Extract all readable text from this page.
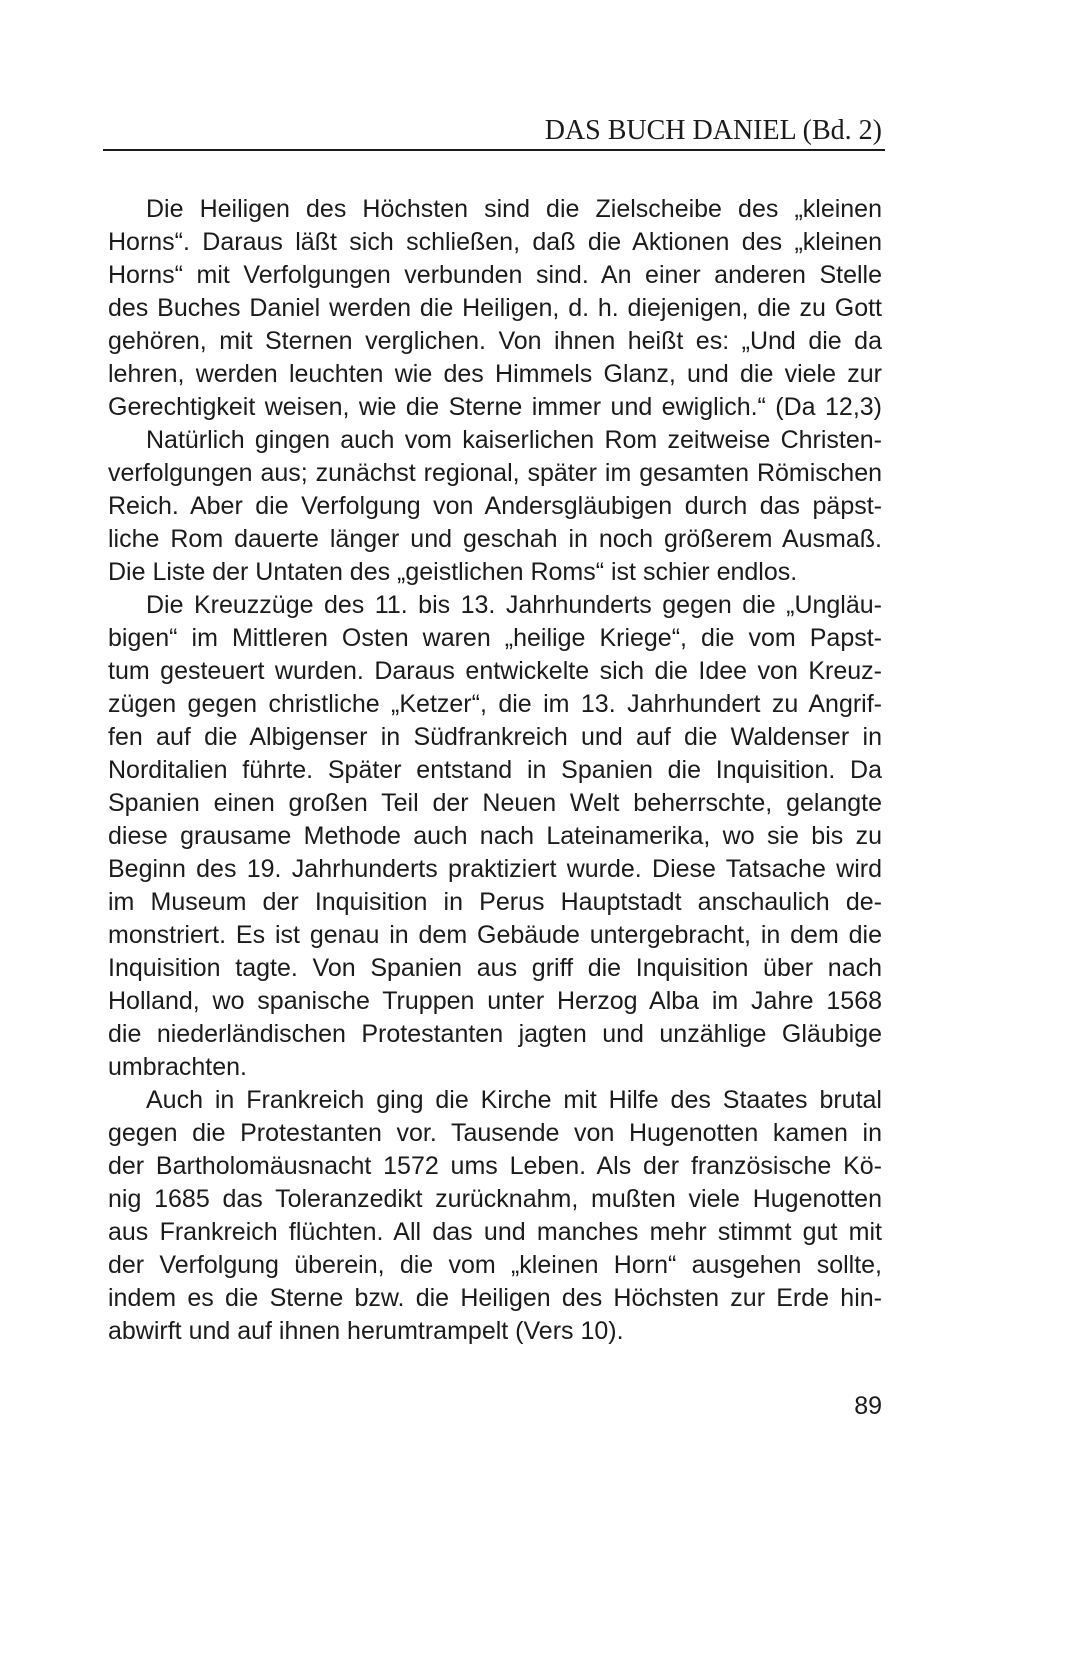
DAS BUCH DANIEL (Bd. 2)
Die Heiligen des Höchsten sind die Zielscheibe des „kleinen
Horns“. Daraus läßt sich schließen, daß die Aktionen des „kleinen
Horns“ mit Verfolgungen verbunden sind. An einer anderen Stelle
des Buches Daniel werden die Heiligen, d. h. diejenigen, die zu Gott
gehören, mit Sternen verglichen. Von ihnen heißt es: „Und die da
lehren, werden leuchten wie des Himmels Glanz, und die viele zur
Gerechtigkeit weisen, wie die Sterne immer und ewiglich.“ (Da 12,3)
Natürlich gingen auch vom kaiserlichen Rom zeitweise Christen-
verfolgungen aus; zunächst regional, später im gesamten Römischen
Reich. Aber die Verfolgung von Andersgläubigen durch das päpst-
liche Rom dauerte länger und geschah in noch größerem Ausmaß.
Die Liste der Untaten des „geistlichen Roms“ ist schier endlos.
Die Kreuzzüge des 11. bis 13. Jahrhunderts gegen die „Ungläu-
bigen“ im Mittleren Osten waren „heilige Kriege“, die vom Papst-
tum gesteuert wurden. Daraus entwickelte sich die Idee von Kreuz-
zügen gegen christliche „Ketzer“, die im 13. Jahrhundert zu Angrif-
fen auf die Albigenser in Südfrankreich und auf die Waldenser in
Norditalien führte. Später entstand in Spanien die Inquisition. Da
Spanien einen großen Teil der Neuen Welt beherrschte, gelangte
diese grausame Methode auch nach Lateinamerika, wo sie bis zu
Beginn des 19. Jahrhunderts praktiziert wurde. Diese Tatsache wird
im Museum der Inquisition in Perus Hauptstadt anschaulich de-
monstriert. Es ist genau in dem Gebäude untergebracht, in dem die
Inquisition tagte. Von Spanien aus griff die Inquisition über nach
Holland, wo spanische Truppen unter Herzog Alba im Jahre 1568
die niederländischen Protestanten jagten und unzählige Gläubige
umbrachten.
Auch in Frankreich ging die Kirche mit Hilfe des Staates brutal
gegen die Protestanten vor. Tausende von Hugenotten kamen in
der Bartholomäusnacht 1572 ums Leben. Als der französische Kö-
nig 1685 das Toleranzedikt zurücknahm, mußten viele Hugenotten
aus Frankreich flüchten. All das und manches mehr stimmt gut mit
der Verfolgung überein, die vom „kleinen Horn“ ausgehen sollte,
indem es die Sterne bzw. die Heiligen des Höchsten zur Erde hin-
abwirft und auf ihnen herumtrampelt (Vers 10).
89
